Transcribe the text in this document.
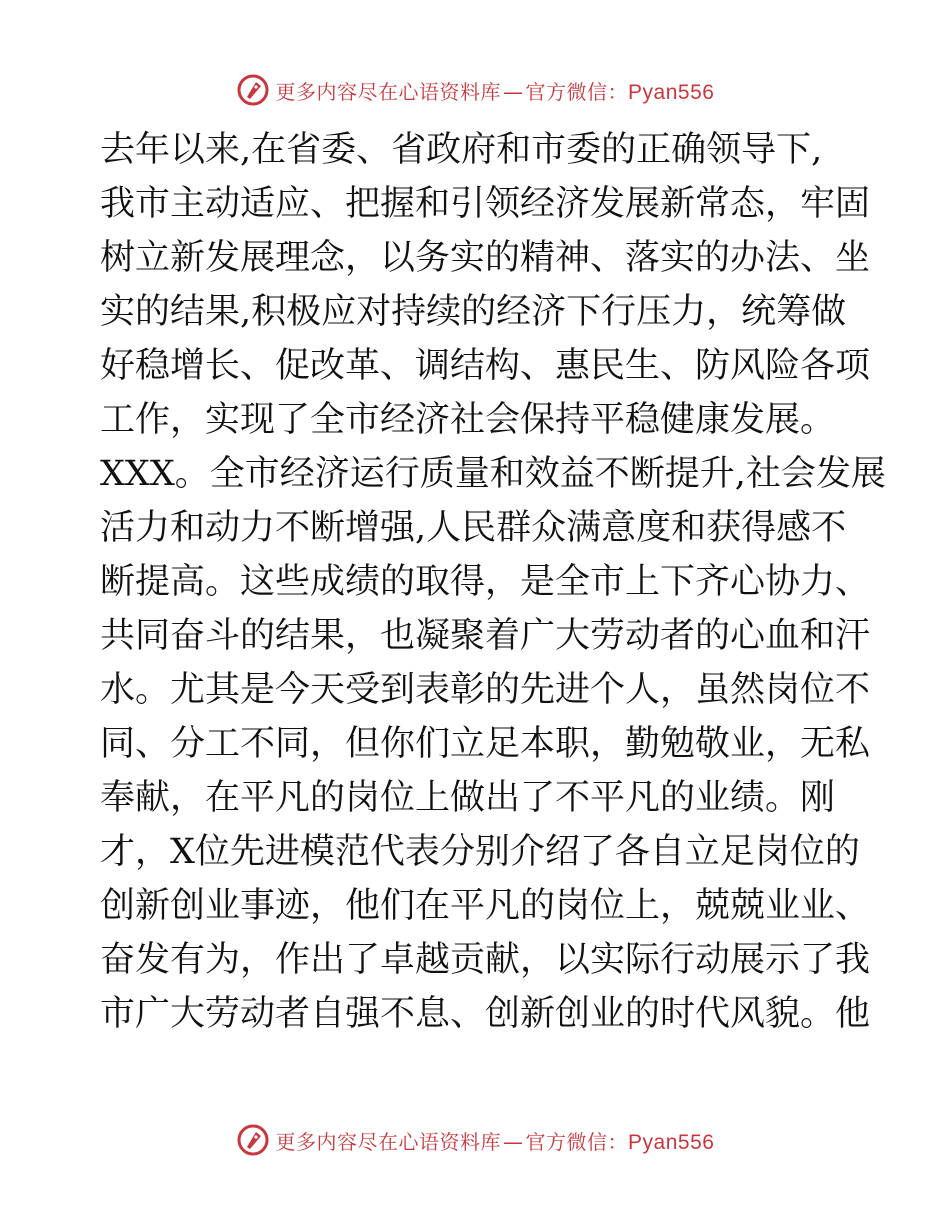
更多内容尽在心语资料库 — 官方微信：Pyan556
去年以来,在省委、省政府和市委的正确领导下,
我市主动适应、把握和引领经济发展新常态，牢固
树立新发展理念，以务实的精神、落实的办法、坐
实的结果,积极应对持续的经济下行压力，统筹做
好稳增长、促改革、调结构、惠民生、防风险各项
工作，实现了全市经济社会保持平稳健康发展。
XXX。全市经济运行质量和效益不断提升,社会发展
活力和动力不断增强,人民群众满意度和获得感不
断提高。这些成绩的取得，是全市上下齐心协力、
共同奋斗的结果，也凝聚着广大劳动者的心血和汗
水。尤其是今天受到表彰的先进个人，虽然岗位不
同、分工不同，但你们立足本职，勤勉敬业，无私
奉献，在平凡的岗位上做出了不平凡的业绩。刚
才，X位先进模范代表分别介绍了各自立足岗位的
创新创业事迹，他们在平凡的岗位上，兢兢业业、
奋发有为，作出了卓越贡献，以实际行动展示了我
市广大劳动者自强不息、创新创业的时代风貌。他
更多内容尽在心语资料库 — 官方微信：Pyan556
